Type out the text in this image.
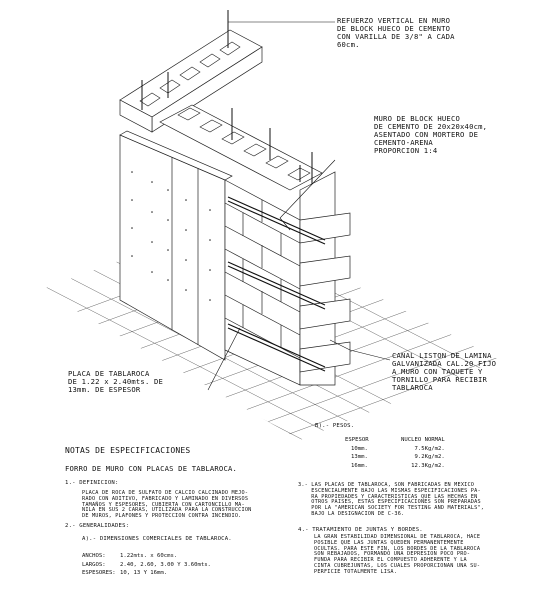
REFUERZO VERTICAL EN MURO
DE BLOCK HUECO DE CEMENTO
CON VARILLA DE 3/8" A CADA
60cm.
MURO DE BLOCK HUECO
DE CEMENTO DE 20x20x40cm,
ASENTADO CON MORTERO DE
CEMENTO-ARENA
PROPORCION 1:4
CANAL LISTON DE LAMINA
GALVANIZADA CAL.20 FIJO
A MURO CON TAQUETE Y
TORNILLO PARA RECIBIR
TABLAROCA
PLACA DE TABLAROCA
DE 1.22 x 2.40mts. DE
13mm. DE ESPESOR
NOTAS DE ESPECIFICACIONES
FORRO DE MURO CON PLACAS DE TABLAROCA.
1.- DEFINICION:
PLACA DE ROCA DE SULFATO DE CALCIO CALCINADO MEJO-
RADO CON ADITIVO, FABRICADO Y LAMINADO EN DIVERSOS
TAMAÑOS Y ESPESORES, CUBIERTA CON CARTONCILLO MA-
NILA EN SUS 2 CARAS, UTILIZADA PARA LA CONSTRUCCION
DE MUROS, PLAFONES Y PROTECCION CONTRA INCENDIO.
2.- GENERALIDADES:
A).- DIMENSIONES COMERCIALES DE TABLAROCA.
ANCHOS:	1.22mts. x 60cms.
LARGOS:	2.40, 2.60, 3.00 Y 3.60mts.
ESPESORES:	10, 13 Y 16mm.
B).- PESOS.
ESPESOR	NUCLEO NORMAL
10mm.	7.5Kg/m2.
13mm.	9.2Kg/m2.
16mm.	12.3Kg/m2.
3.- LAS PLACAS DE TABLAROCA, SON FABRICADAS EN MEXICO
ESCENCIALMENTE BAJO LAS MISMAS ESPECIFICACIONES PA-
RA PROPIEDADES Y CARACTERISTICAS QUE LAS HECHAS EN
OTROS PAISES, ESTAS ESPECIFICACIONES SON PREPARADAS
POR LA "AMERICAN SOCIETY FOR TESTING AND MATERIALS",
BAJO LA DESIGNACION DE C-36.
4.- TRATAMIENTO DE JUNTAS Y BORDES.
LA GRAN ESTABILIDAD DIMENSIONAL DE TABLAROCA, HACE
POSIBLE QUE LAS JUNTAS QUEDEN PERMANENTEMENTE
OCULTAS. PARA ESTE FIN, LOS BORDES DE LA TABLAROCA
SON REBAJADOS, FORMANDO UNA DEPRESION POCO PRO-
FUNDA PARA RECIBIR EL COMPUESTO ADHERENTE Y LA
CINTA CUBREJUNTAS, LOS CUALES PROPORCIONAN UNA SU-
PERFICIE TOTALMENTE LISA.
